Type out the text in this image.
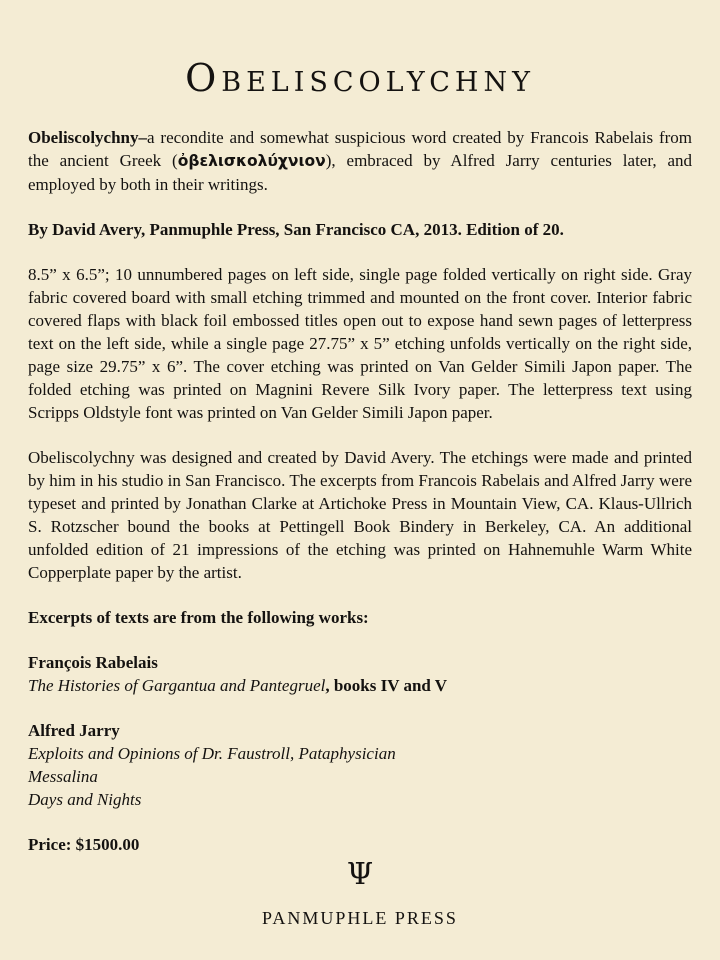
Obeliscolychny

Obeliscolychny–a recondite and somewhat suspicious word created by Francois Rabelais from the ancient Greek (ὀβελισκολύχνιον), embraced by Alfred Jarry centuries later, and employed by both in their writings.

By David Avery, Panmuphle Press, San Francisco CA, 2013. Edition of 20.

8.5” x 6.5”; 10 unnumbered pages on left side, single page folded vertically on right side. Gray fabric covered board with small etching trimmed and mounted on the front cover. Interior fabric covered flaps with black foil embossed titles open out to expose hand sewn pages of letterpress text on the left side, while a single page 27.75” x 5” etching unfolds vertically on the right side, page size 29.75” x 6”. The cover etching was printed on Van Gelder Simili Japon paper. The folded etching was printed on Magnini Revere Silk Ivory paper. The letterpress text using Scripps Oldstyle font was printed on Van Gelder Simili Japon paper.

Obeliscolychny was designed and created by David Avery. The etchings were made and printed by him in his studio in San Francisco. The excerpts from Francois Rabelais and Alfred Jarry were typeset and printed by Jonathan Clarke at Artichoke Press in Mountain View, CA. Klaus-Ullrich S. Rotzscher bound the books at Pettingell Book Bindery in Berkeley, CA. An additional unfolded edition of 21 impressions of the etching was printed on Hahnemuhle Warm White Copperplate paper by the artist.

Excerpts of texts are from the following works:

François Rabelais

The Histories of Gargantua and Pantegruel, books IV and V

Alfred Jarry

Exploits and Opinions of Dr. Faustroll, Pataphysician

Messalina

Days and Nights

Price: $1500.00

Ψ
PANMUPHLE PRESS
